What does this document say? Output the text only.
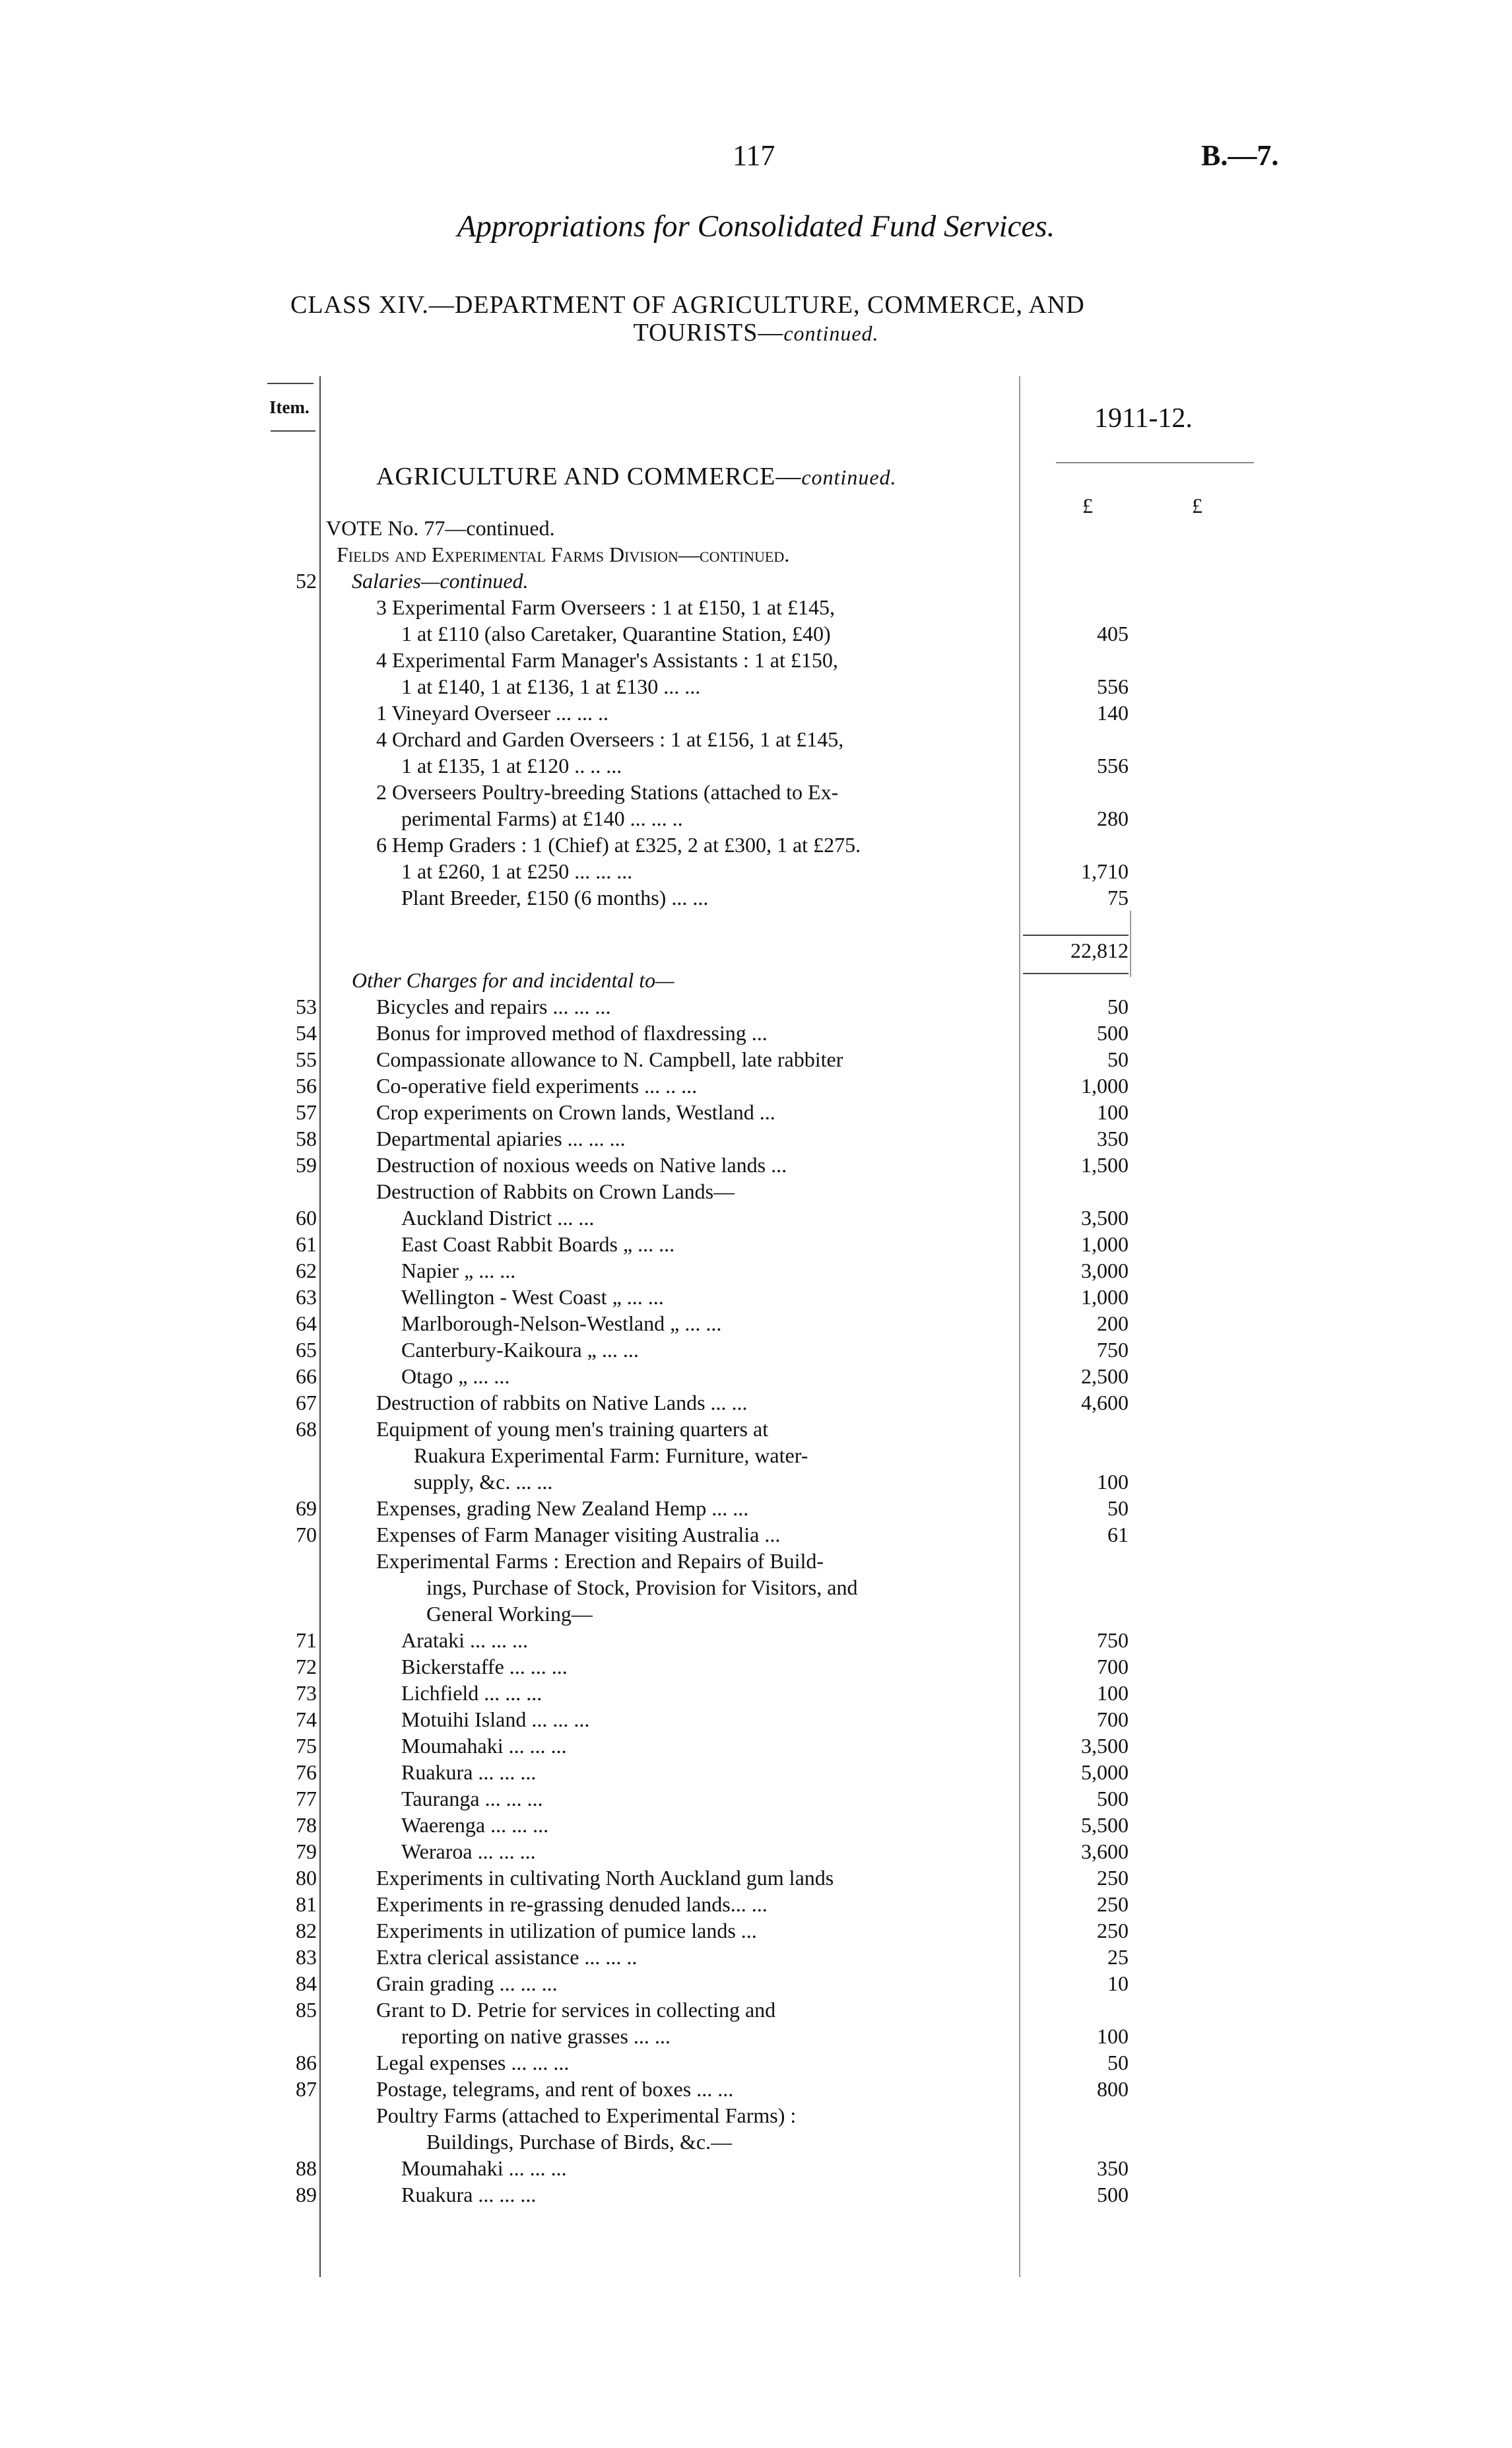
117	B.—7.
Appropriations for Consolidated Fund Services.
CLASS XIV.—DEPARTMENT OF AGRICULTURE, COMMERCE, AND
TOURISTS—continued.
Item.	1911-12.
AGRICULTURE AND COMMERCE—continued.
£	£
VOTE No. 77—continued.
Fields and Experimental Farms Division—continued.
52 Salaries—continued.
3 Experimental Farm Overseers : 1 at £150, 1 at £145,
1 at £110 (also Caretaker, Quarantine Station, £40)	405
4 Experimental Farm Manager's Assistants : 1 at £150,
1 at £140, 1 at £136, 1 at £130 ... ...	556
1 Vineyard Overseer ... ... ..	140
4 Orchard and Garden Overseers : 1 at £156, 1 at £145,
1 at £135, 1 at £120 .. .. ...	556
2 Overseers Poultry-breeding Stations (attached to Ex-
perimental Farms) at £140 ... ... ..	280
6 Hemp Graders : 1 (Chief) at £325, 2 at £300, 1 at £275.
1 at £260, 1 at £250 ... ... ...	1,710
Plant Breeder, £150 (6 months) ... ...	75
22,812
Other Charges for and incidental to—
53	Bicycles and repairs ... ... ...	50
54	Bonus for improved method of flaxdressing ...	500
55	Compassionate allowance to N. Campbell, late rabbiter	50
56	Co-operative field experiments ... .. ...	1,000
57	Crop experiments on Crown lands, Westland ...	100
58	Departmental apiaries ... ... ...	350
59	Destruction of noxious weeds on Native lands ...	1,500
Destruction of Rabbits on Crown Lands—
60	Auckland District ... ...	3,500
61	East Coast Rabbit Boards „ ... ...	1,000
62	Napier „ ... ...	3,000
63	Wellington - West Coast „ ... ...	1,000
64	Marlborough-Nelson-Westland „ ... ...	200
65	Canterbury-Kaikoura „ ... ...	750
66	Otago „ ... ...	2,500
67	Destruction of rabbits on Native Lands ... ...	4,600
68	Equipment of young men's training quarters at
Ruakura Experimental Farm: Furniture, water-
supply, &c. ... ...	100
69	Expenses, grading New Zealand Hemp ... ...	50
70	Expenses of Farm Manager visiting Australia ...	61
Experimental Farms : Erection and Repairs of Build-
ings, Purchase of Stock, Provision for Visitors, and
General Working—
71	Arataki ... ... ...	750
72	Bickerstaffe ... ... ...	700
73	Lichfield ... ... ...	100
74	Motuihi Island ... ... ...	700
75	Moumahaki ... ... ...	3,500
76	Ruakura ... ... ...	5,000
77	Tauranga ... ... ...	500
78	Waerenga ... ... ...	5,500
79	Weraroa ... ... ...	3,600
80	Experiments in cultivating North Auckland gum lands	250
81	Experiments in re-grassing denuded lands... ...	250
82	Experiments in utilization of pumice lands ...	250
83	Extra clerical assistance ... ... ..	25
84	Grain grading ... ... ...	10
85	Grant to D. Petrie for services in collecting and
reporting on native grasses ... ...	100
86	Legal expenses ... ... ...	50
87	Postage, telegrams, and rent of boxes ... ...	800
Poultry Farms (attached to Experimental Farms) :
Buildings, Purchase of Birds, &c.—
88	Moumahaki ... ... ...	350
89	Ruakura ... ... ...	500
